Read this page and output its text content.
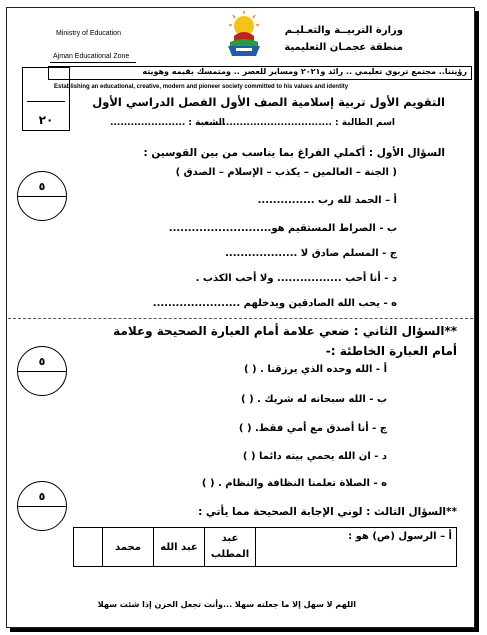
Ministry of Education
Ajman Educational Zone
وزارة التربيــة والتعـليـم
منطقة عجمـان التعليمية
رؤيتنا.. مجتمع تربوي تعليمي .. رائد و٢٠٢١ ومساير للعصر .. ومتمسك بقيمه وهويته
Establishing an educational, creative, modern and pioneer society committed to his values and identity
٢٠
التقويم الأول تربية إسلامية الصف الأول الفصل الدراسي الأول
اسم الطالبة : .......................................
الشعبة : ......................
السؤال الأول : أكملي الفراغ بما يناسب من بين القوسين :
( الجنة – العالمين – يكذب – الإسلام – الصدق )
أ – الحمد لله رب ...............
ب - الصراط المستقيم هو...........................
ج - المسلم صادق لا ...................
د - أنا أحب ................. ولا أحب الكذب .
ه - يحب الله الصادقين ويدخلهم .......................
٥
**السؤال الثاني : ضعي علامة أمام العبارة الصحيحة وعلامة
أمام العبارة الخاطئة :-
أ - الله وحده الذي يرزقنا . ( )
ب - الله سبحانه له شريك . ( )
ج - أنا أصدق مع أمي فقط. ( )
د - ان الله يحمي بيته دائما ( )
ه - الصلاة تعلمنا النظافة والنظام . ( )
٥
**السؤال الثالث : لوني الإجابة الصحيحة مما يأتي :
٥
	محمد	عبد الله	عبد المطلب	أ – الرسول (ص) هو :
اللهم لا سهل إلا ما جعلته سهلا ...وأنت تجعل الحزن إذا شئت سهلا
